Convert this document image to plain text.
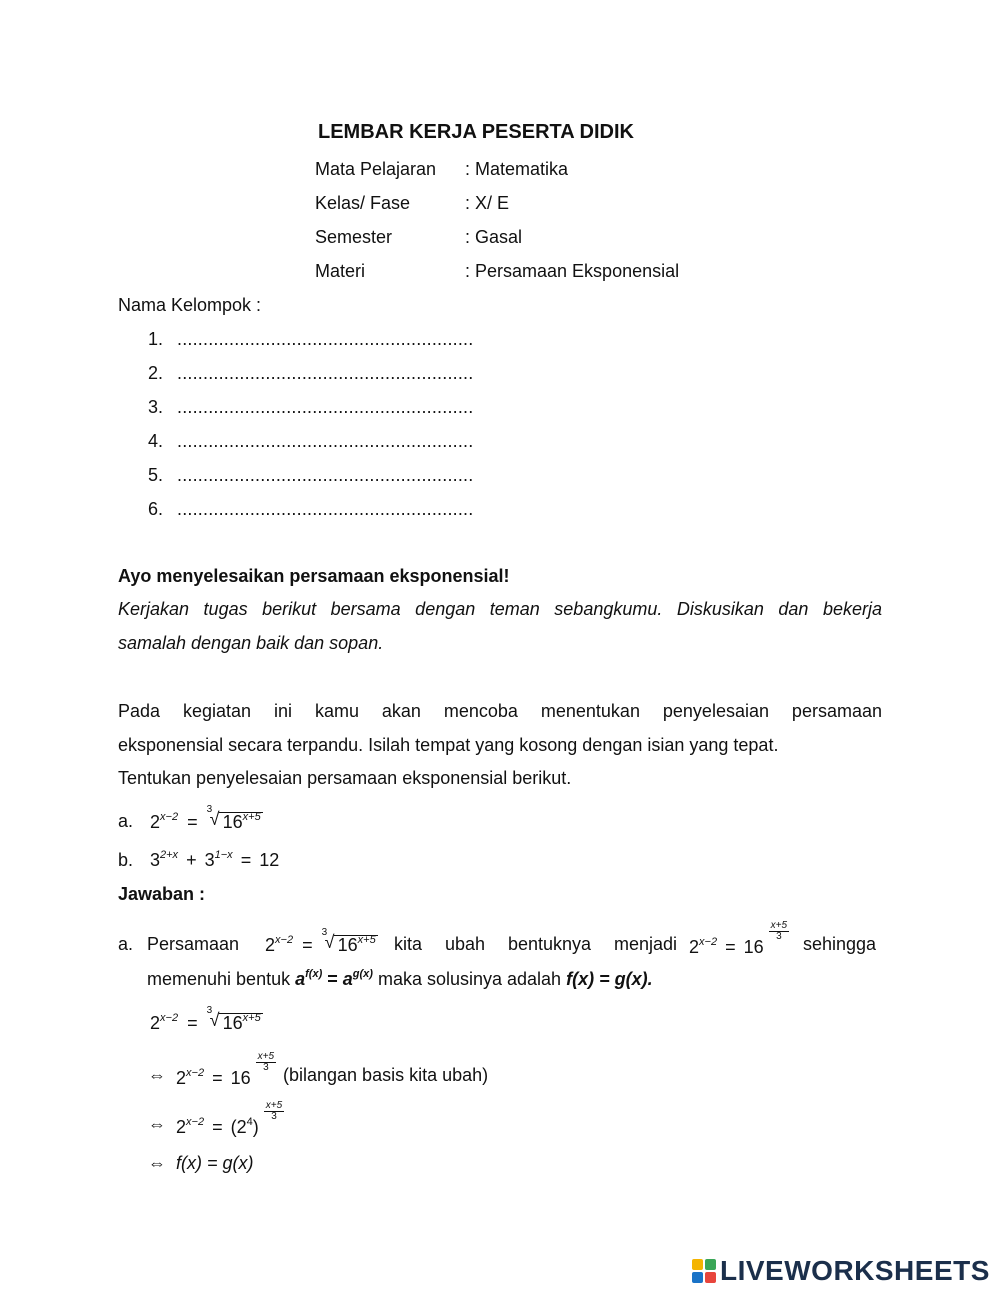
LEMBAR KERJA PESERTA DIDIK
Mata Pelajaran : Matematika
Kelas/ Fase	: X/ E
Semester	: Gasal
Materi	: Persamaan Eksponensial
Nama Kelompok :
1. .........................................................
2. .........................................................
3. .........................................................
4. .........................................................
5. .........................................................
6. .........................................................
Ayo menyelesaikan persamaan eksponensial!
Kerjakan tugas berikut bersama dengan teman sebangkumu. Diskusikan dan bekerja
samalah dengan baik dan sopan.
Pada kegiatan ini kamu akan mencoba menentukan penyelesaian persamaan
eksponensial secara terpandu. Isilah tempat yang kosong dengan isian yang tepat.
Tentukan penyelesaian persamaan eksponensial berikut.
a. $2^{x-2}$ =
3
√ $16^{x+5}$
b. $3^{2+x} + 3^{1-x} = 12$
Jawaban :
a. Persamaan $2^{x-2}$ =
3
√ $16^{x+5}$ kita ubah bentuknya menjadi $2^{x-2} = 16$
$\frac{x+5}{3}$
sehingga
memenuhi bentuk $a^{f(x)} = a^{g(x)}$ maka solusinya adalah f(x) = g(x).
$2^{x-2}$ =
3
√ $16^{x+5}$
⇔ $2^{x-2} = 16$
$\frac{x+5}{3}$
(bilangan basis kita ubah)
⇔ $2^{x-2} = (2^4)$
$\frac{x+5}{3}$
⇔ f(x) = g(x)
LIVEWORKSHEETS
